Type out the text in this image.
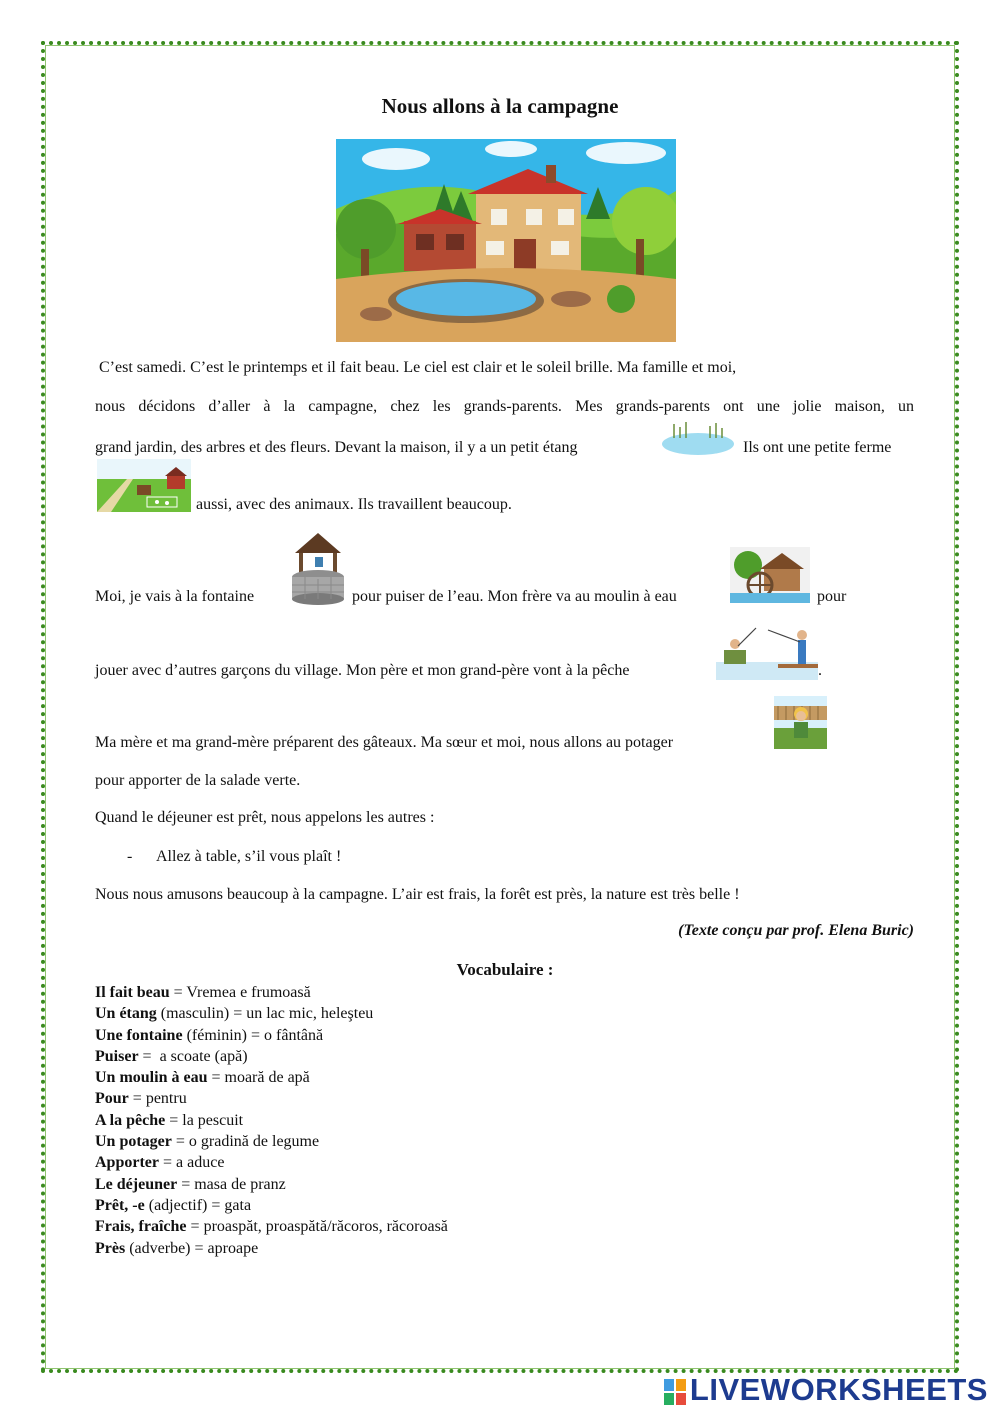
Nous allons à la campagne
C’est samedi. C’est le printemps et il fait beau. Le ciel est clair et le soleil brille. Ma famille et moi,
nous décidons d’aller à la campagne, chez les grands-parents. Mes grands-parents ont une jolie maison, un
grand jardin, des arbres et des fleurs. Devant la maison, il y a un petit étang	Ils ont une petite ferme
aussi, avec des animaux. Ils travaillent beaucoup.
Moi, je vais à la fontaine	pour puiser de l’eau. Mon frère va au moulin à eau	pour
jouer avec d’autres garçons du village. Mon père et mon grand-père vont à la pêche	.
Ma mère et ma grand-mère préparent des gâteaux. Ma sœur et moi, nous allons au potager
pour apporter de la salade verte.
Quand le déjeuner est prêt, nous appelons les autres :
- Allez à table, s’il vous plaît !
Nous nous amusons beaucoup à la campagne. L’air est frais, la forêt est près, la nature est très belle !
(Texte conçu par prof. Elena Buric)
Vocabulaire :
Il fait beau = Vremea e frumoasă
Un étang (masculin) = un lac mic, heleşteu
Une fontaine (féminin) = o fântână
Puiser =  a scoate (apă)
Un moulin à eau = moară de apă
Pour = pentru
A la pêche = la pescuit
Un potager = o gradină de legume
Apporter = a aduce
Le déjeuner = masa de pranz
Prêt, -e (adjectif) = gata
Frais, fraîche = proaspăt, proaspătă/răcoros, răcoroasă
Près (adverbe) = aproape
LIVEWORKSHEETS
